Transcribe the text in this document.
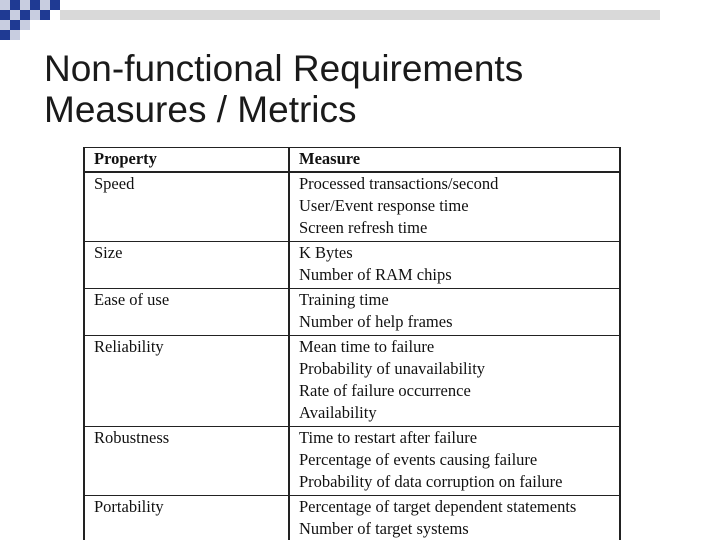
Non-functional Requirements
Measures / Metrics
Property	Measure
Speed	Processed transactions/second
User/Event response time
Screen refresh time

Size	K Bytes
Number of RAM chips

Ease of use	Training time
Number of help frames

Reliability	Mean time to failure
Probability of unavailability
Rate of failure occurrence
Availability

Robustness	Time to restart after failure
Percentage of events causing failure
Probability of data corruption on failure

Portability	Percentage of target dependent statements
Number of target systems
